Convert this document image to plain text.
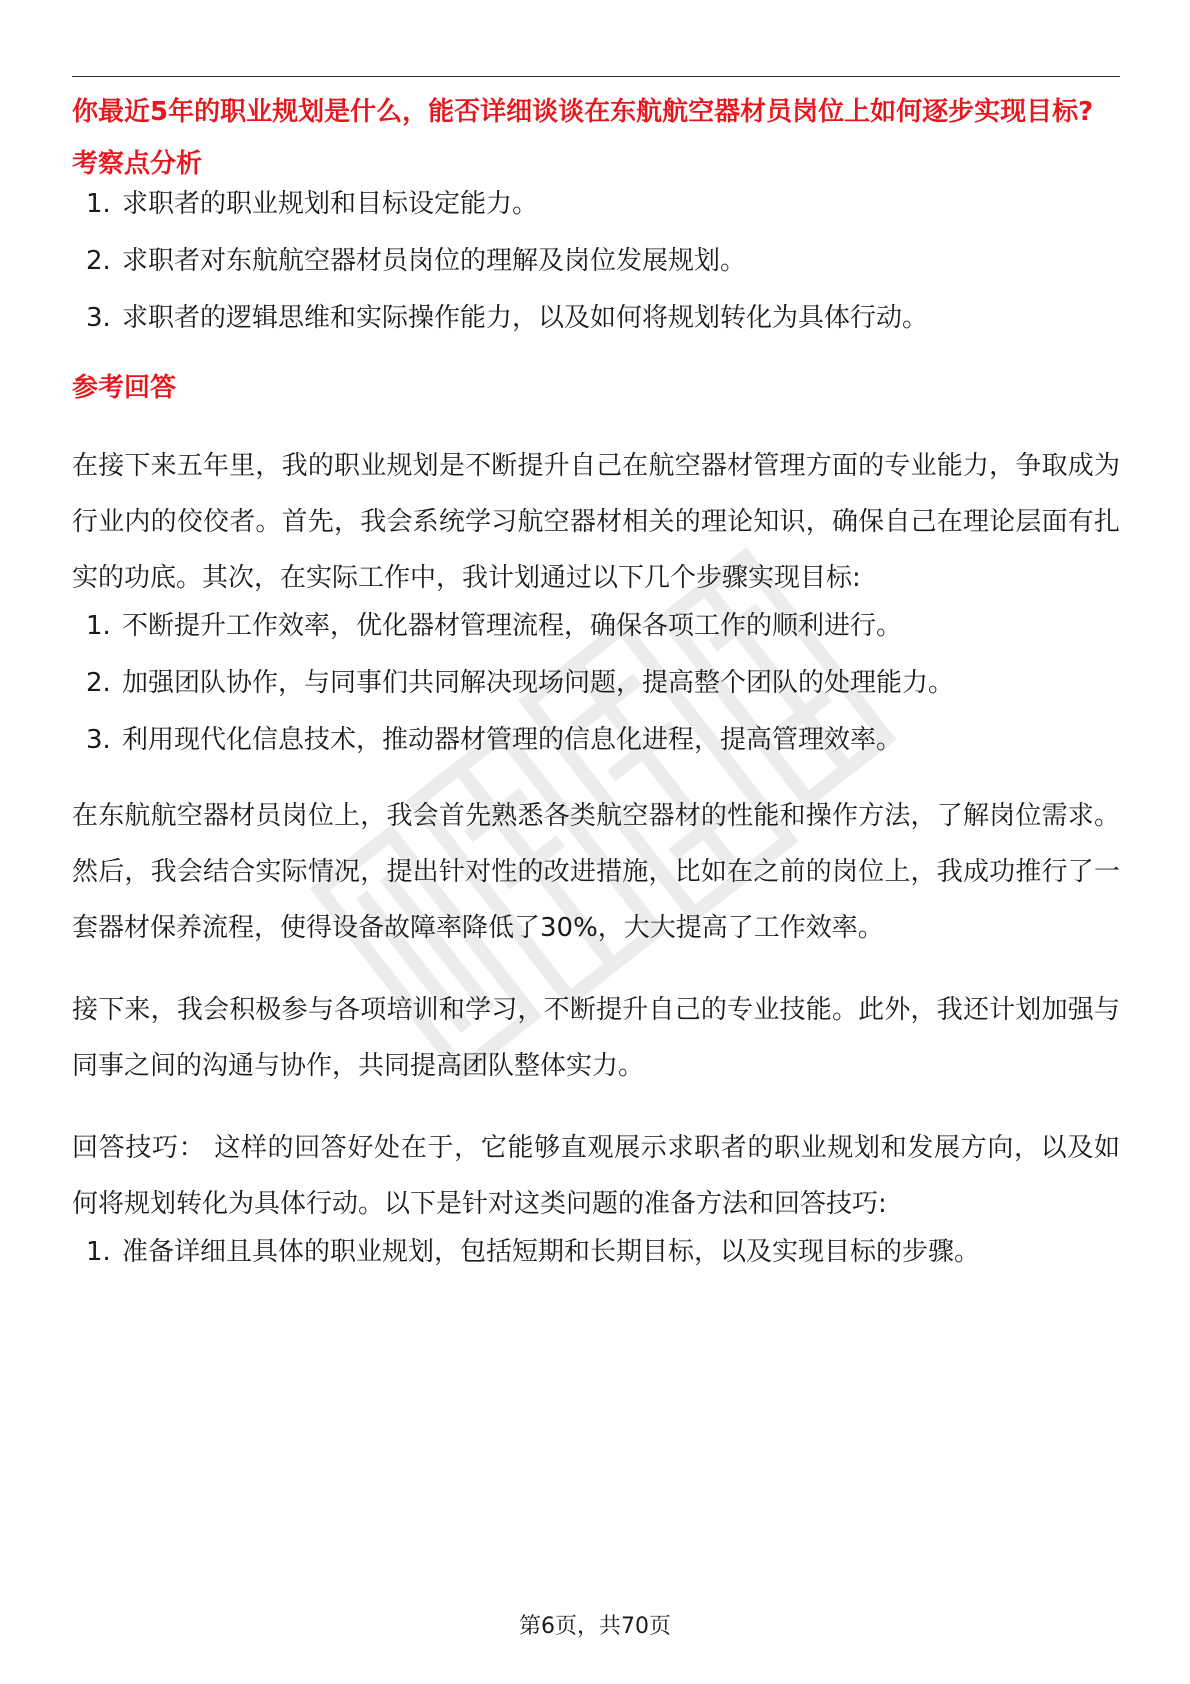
你最近5年的职业规划是什么，能否详细谈谈在东航航空器材员岗位上如何逐步实现目标?
考察点分析
1. 求职者的职业规划和目标设定能力。
2. 求职者对东航航空器材员岗位的理解及岗位发展规划。
3. 求职者的逻辑思维和实际操作能力，以及如何将规划转化为具体行动。
参考回答

在接下来五年里，我的职业规划是不断提升自己在航空器材管理方面的专业能力，争取成为行业内的佼佼者。首先，我会系统学习航空器材相关的理论知识，确保自己在理论层面有扎实的功底。其次，在实际工作中，我计划通过以下几个步骤实现目标:

1. 不断提升工作效率，优化器材管理流程，确保各项工作的顺利进行。
2. 加强团队协作，与同事们共同解决现场问题，提高整个团队的处理能力。
3. 利用现代化信息技术，推动器材管理的信息化进程，提高管理效率。

在东航航空器材员岗位上，我会首先熟悉各类航空器材的性能和操作方法，了解岗位需求。然后，我会结合实际情况，提出针对性的改进措施，比如在之前的岗位上，我成功推行了一套器材保养流程，使得设备故障率降低了30%，大大提高了工作效率。

接下来，我会积极参与各项培训和学习，不断提升自己的专业技能。此外，我还计划加强与同事之间的沟通与协作，共同提高团队整体实力。

回答技巧： 这样的回答好处在于，它能够直观展示求职者的职业规划和发展方向，以及如何将规划转化为具体行动。以下是针对这类问题的准备方法和回答技巧:

1. 准备详细且具体的职业规划，包括短期和长期目标，以及实现目标的步骤。
第6页，共70页
